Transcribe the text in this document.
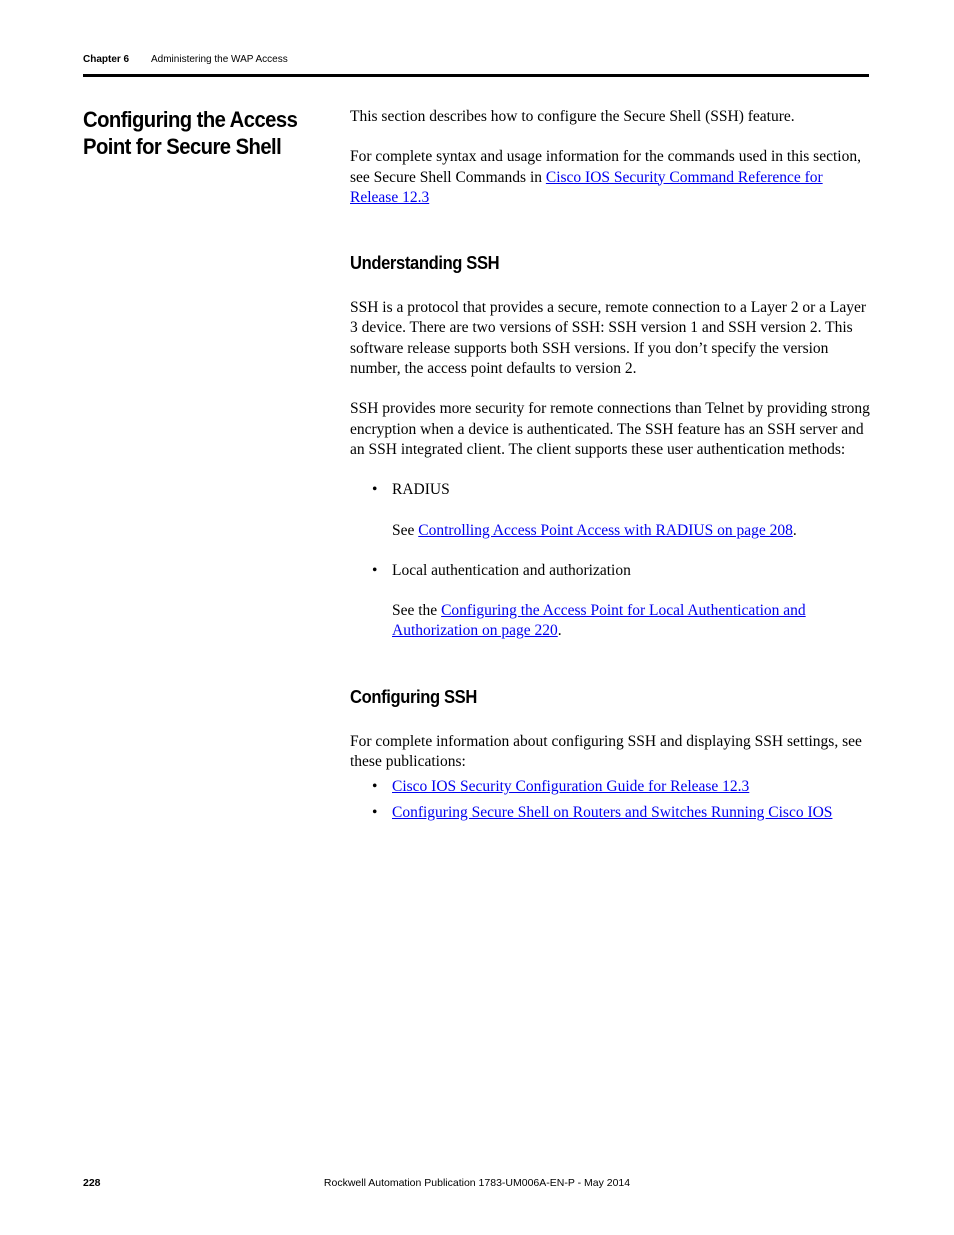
Chapter 6 Administering the WAP Access
Configuring the Access Point for Secure Shell

This section describes how to configure the Secure Shell (SSH) feature.

For complete syntax and usage information for the commands used in this section, see Secure Shell Commands in Cisco IOS Security Command Reference for Release 12.3

Understanding SSH

SSH is a protocol that provides a secure, remote connection to a Layer 2 or a Layer 3 device. There are two versions of SSH: SSH version 1 and SSH version 2. This software release supports both SSH versions. If you don’t specify the version number, the access point defaults to version 2.

SSH provides more security for remote connections than Telnet by providing strong encryption when a device is authenticated. The SSH feature has an SSH server and an SSH integrated client. The client supports these user authentication methods:

• RADIUS

See Controlling Access Point Access with RADIUS on page 208.

• Local authentication and authorization

See the Configuring the Access Point for Local Authentication and Authorization on page 220.

Configuring SSH

For complete information about configuring SSH and displaying SSH settings, see these publications:

• Cisco IOS Security Configuration Guide for Release 12.3
• Configuring Secure Shell on Routers and Switches Running Cisco IOS
Rockwell Automation Publication 1783-UM006A-EN-P - May 2014
228
